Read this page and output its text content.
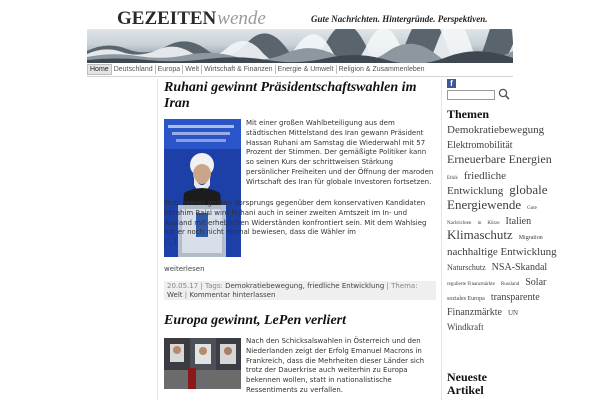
GEZEITENwende	Gute Nachrichten. Hintergründe. Perspektiven.
Home Deutschland Europa Welt Wirtschaft & Finanzen Energie & Umwelt Religion & Zusammenleben
Ruhani gewinnt Präsidentschaftswahlen im Iran
Mit einer großen Wahlbeteiligung aus dem städtischen Mittelstand des Iran gewann Präsident Hassan Ruhani am Samstag die Wiederwahl mit 57 Prozent der Stimmen. Der gemäßigte Politiker kann so seinen Kurs der schrittweisen Stärkung persönlicher Freiheiten und der Öffnung der maroden Wirtschaft des Iran für globale Investoren fortsetzen.
Trotz seines großen Vorsprungs gegenüber dem konservativen Kandidaten Ebrahim Raisi wird Ruhani auch in seiner zweiten Amtszeit im In- und Ausland mit erheblichen Widerständen konfrontiert sein. Mit dem Wahlsieg hat er noch nicht einmal bewiesen, dass die Wähler im
[…]
weiterlesen
20.05.17 | Tags: Demokratiebewegung, friedliche Entwicklung | Thema: Welt | Kommentar hinterlassen
Europa gewinnt, LePen verliert
Nach den Schicksalswahlen in Österreich und den Niederlanden zeigt der Erfolg Emanuel Macrons in Frankreich, dass die Mehrheiten dieser Länder sich trotz der Dauerkrise auch weiterhin zu Europa bekennen wollen, statt in nationalistische Ressentiments zu verfallen.
f
Themen
Demokratiebewegung Elektromobilität Erneuerbare Energien Ethik friedliche Entwicklung globale Energiewende Gute Nachrichten in Kürze Italien Klimaschutz Migration nachhaltige Entwicklung Naturschutz NSA-Skandal regulierte Finanzmärkte Russland Solar soziales Europa transparente Finanzmärkte UN Windkraft
Neueste Artikel
